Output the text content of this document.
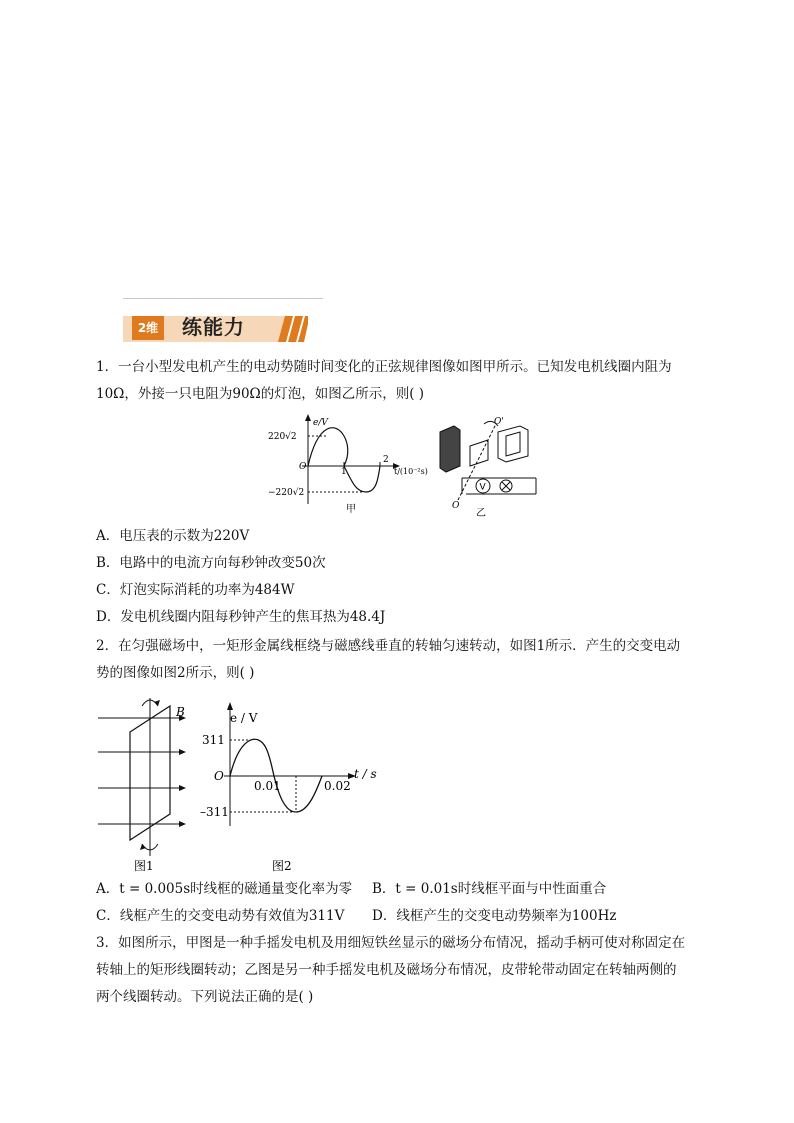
2维 练能力
1．一台小型发电机产生的电动势随时间变化的正弦规律图像如图甲所示。已知发电机线圈内阻为
10Ω，外接一只电阻为90Ω的灯泡，如图乙所示，则( )
e/V
220√2
−220√2
O	1
2
t/(10⁻²s)
甲
O'
O
V
乙
A．电压表的示数为220V
B．电路中的电流方向每秒钟改变50次
C．灯泡实际消耗的功率为484W
D．发电机线圈内阻每秒钟产生的焦耳热为48.4J
2．在匀强磁场中，一矩形金属线框绕与磁感线垂直的转轴匀速转动，如图1所示．产生的交变电动
势的图像如图2所示，则( )
B
图1
e / V
311
–311
O
0.01	0.02
t / s
图2
A．t = 0.005s时线框的磁通量变化率为零 B．t = 0.01s时线框平面与中性面重合
C．线框产生的交变电动势有效值为311V D．线框产生的交变电动势频率为100Hz
3．如图所示，甲图是一种手摇发电机及用细短铁丝显示的磁场分布情况，摇动手柄可使对称固定在
转轴上的矩形线圈转动；乙图是另一种手摇发电机及磁场分布情况，皮带轮带动固定在转轴两侧的
两个线圈转动。下列说法正确的是( )
